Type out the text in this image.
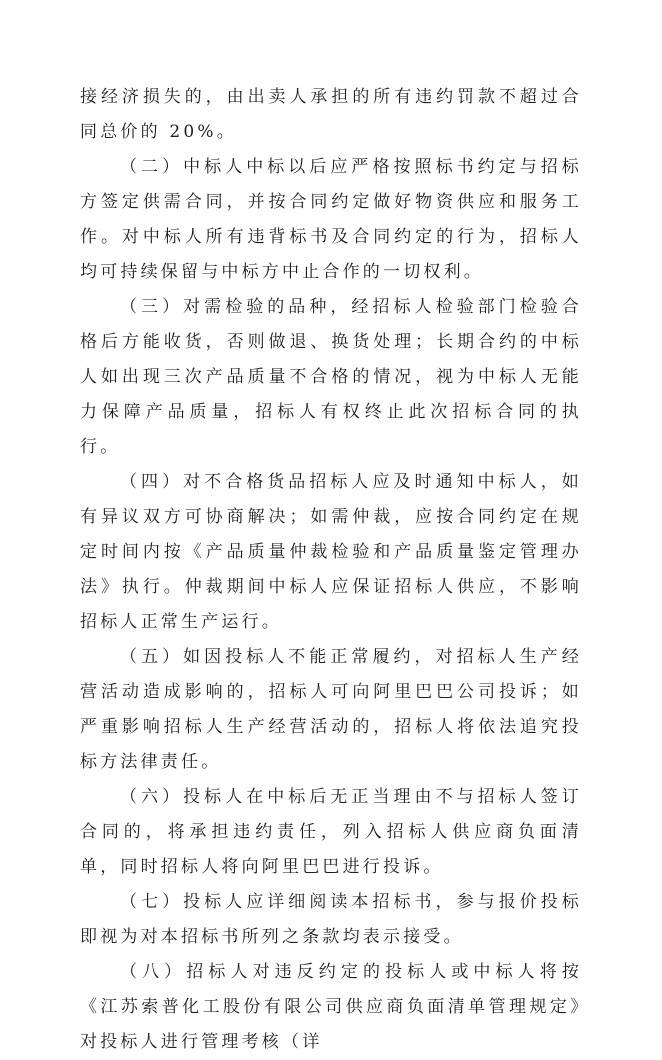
接经济损失的，由出卖人承担的所有违约罚款不超过合同总价的 20%。

（二）中标人中标以后应严格按照标书约定与招标方签定供需合同，并按合同约定做好物资供应和服务工作。对中标人所有违背标书及合同约定的行为，招标人均可持续保留与中标方中止合作的一切权利。

（三）对需检验的品种，经招标人检验部门检验合格后方能收货，否则做退、换货处理；长期合约的中标人如出现三次产品质量不合格的情况，视为中标人无能力保障产品质量，招标人有权终止此次招标合同的执行。

（四）对不合格货品招标人应及时通知中标人，如有异议双方可协商解决；如需仲裁，应按合同约定在规定时间内按《产品质量仲裁检验和产品质量鉴定管理办法》执行。仲裁期间中标人应保证招标人供应，不影响招标人正常生产运行。

（五）如因投标人不能正常履约，对招标人生产经营活动造成影响的，招标人可向阿里巴巴公司投诉；如严重影响招标人生产经营活动的，招标人将依法追究投标方法律责任。

（六）投标人在中标后无正当理由不与招标人签订合同的，将承担违约责任，列入招标人供应商负面清单，同时招标人将向阿里巴巴进行投诉。

（七）投标人应详细阅读本招标书，参与报价投标即视为对本招标书所列之条款均表示接受。

（八）招标人对违反约定的投标人或中标人将按《江苏索普化工股份有限公司供应商负面清单管理规定》对投标人进行管理考核（详
